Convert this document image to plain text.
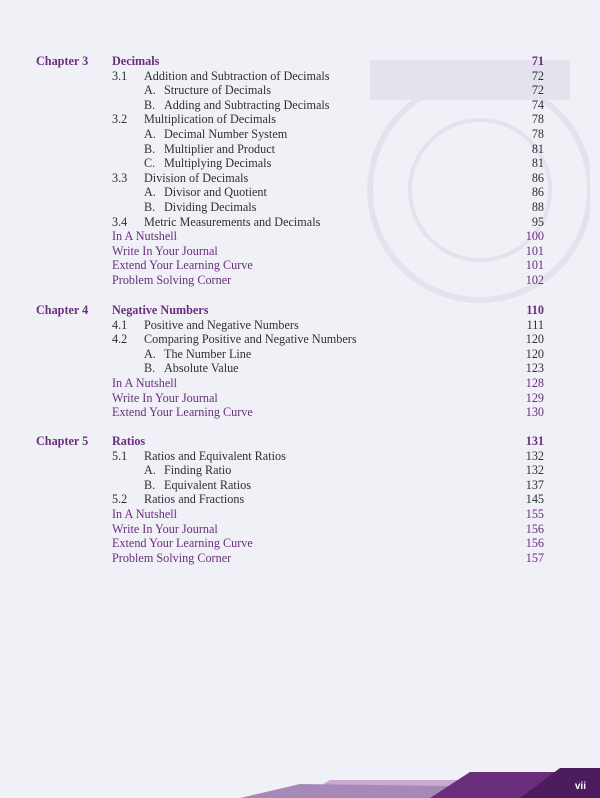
Chapter 3 Decimals	71
3.1 Addition and Subtraction of Decimals	72
A. Structure of Decimals	72
B. Adding and Subtracting Decimals	74
3.2 Multiplication of Decimals	78
A. Decimal Number System	78
B. Multiplier and Product	81
C. Multiplying Decimals	81
3.3 Division of Decimals	86
A. Divisor and Quotient	86
B. Dividing Decimals	88
3.4 Metric Measurements and Decimals	95
In A Nutshell	100
Write In Your Journal	101
Extend Your Learning Curve	101
Problem Solving Corner	102
Chapter 4 Negative Numbers	110
4.1 Positive and Negative Numbers	111
4.2 Comparing Positive and Negative Numbers	120
A. The Number Line	120
B. Absolute Value	123
In A Nutshell	128
Write In Your Journal	129
Extend Your Learning Curve	130
Chapter 5 Ratios	131
5.1 Ratios and Equivalent Ratios	132
A. Finding Ratio	132
B. Equivalent Ratios	137
5.2 Ratios and Fractions	145
In A Nutshell	155
Write In Your Journal	156
Extend Your Learning Curve	156
Problem Solving Corner	157
vii
